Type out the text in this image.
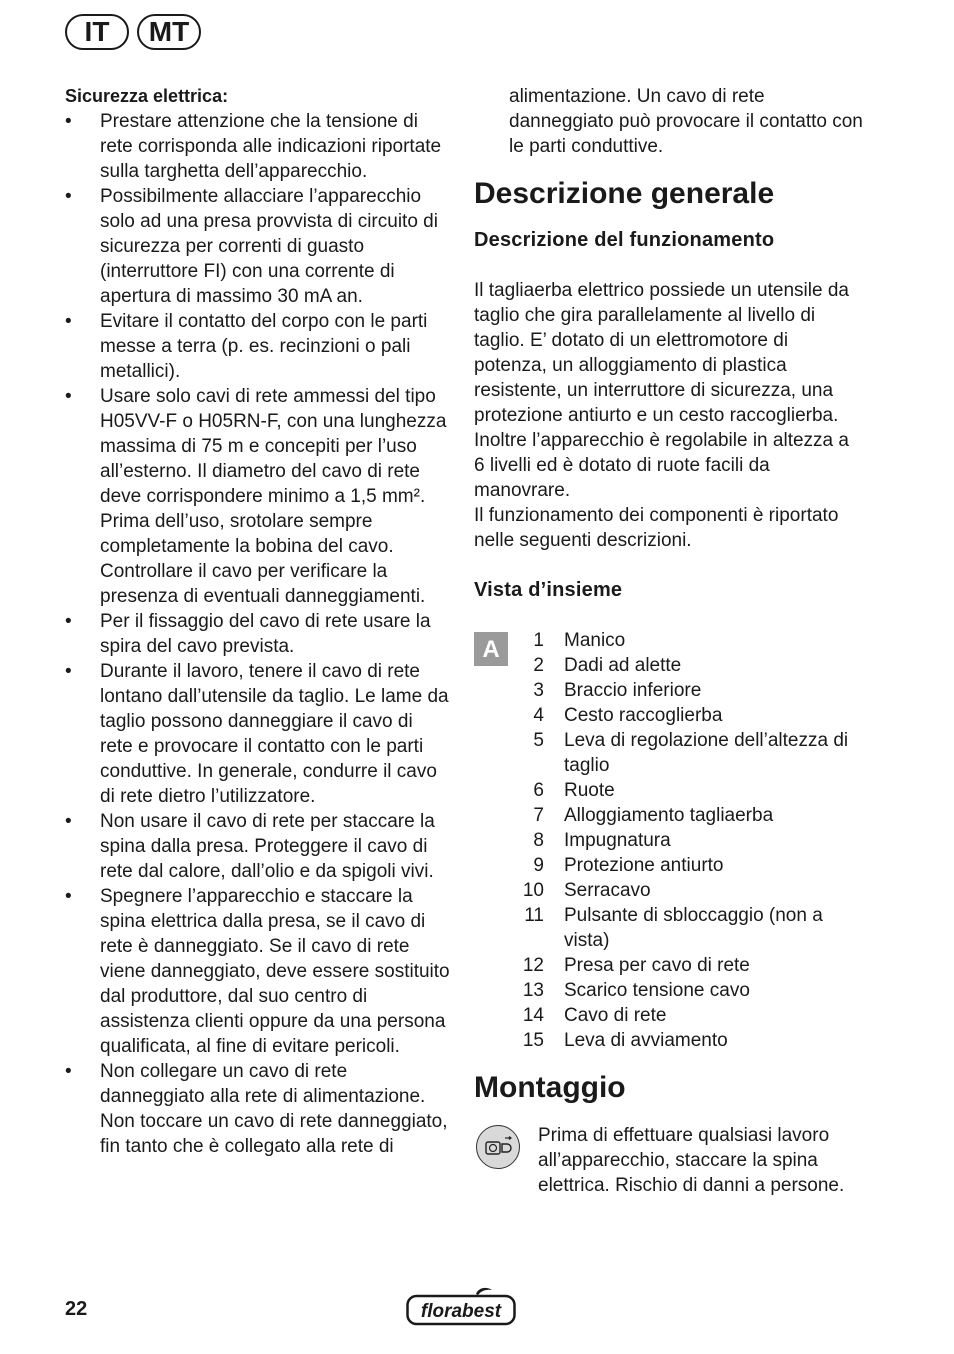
IT	MT

Sicurezza elettrica:

• Prestare attenzione che la tensione di rete corrisponda alle indicazioni riportate sulla targhetta dell’apparecchio.
• Possibilmente allacciare l’apparecchio solo ad una presa provvista di circuito di sicurezza per correnti di guasto (interruttore FI) con una corrente di apertura di massimo 30 mA an.
• Evitare il contatto del corpo con le parti messe a terra (p. es. recinzioni o pali metallici).
• Usare solo cavi di rete ammessi del tipo H05VV-F o H05RN-F, con una lunghezza massima di 75 m e concepiti per l’uso all’esterno. Il diametro del cavo di rete deve corrispondere minimo a 1,5 mm². Prima dell’uso, srotolare sempre completamente la bobina del cavo. Controllare il cavo per verificare la presenza di eventuali danneggiamenti.
• Per il fissaggio del cavo di rete usare la spira del cavo prevista.
• Durante il lavoro, tenere il cavo di rete lontano dall’utensile da taglio. Le lame da taglio possono danneggiare il cavo di rete e provocare il contatto con le parti conduttive. In generale, condurre il cavo di rete dietro l’utilizzatore.
• Non usare il cavo di rete per staccare la spina dalla presa. Proteggere il cavo di rete dal calore, dall’olio e da spigoli vivi.
• Spegnere l’apparecchio e staccare la spina elettrica dalla presa, se il cavo di rete è danneggiato. Se il cavo di rete viene danneggiato, deve essere sostituito dal produttore, dal suo centro di assistenza clienti oppure da una persona qualificata, al fine di evitare pericoli.
• Non collegare un cavo di rete danneggiato alla rete di alimentazione. Non toccare un cavo di rete danneggiato, fin tanto che è collegato alla rete di

alimentazione. Un cavo di rete danneggiato può provocare il contatto con le parti conduttive.

Descrizione generale
Descrizione del funzionamento

Il tagliaerba elettrico possiede un utensile da taglio che gira parallelamente al livello di taglio. E’ dotato di un elettromotore di potenza, un alloggiamento di plastica resistente, un interruttore di sicurezza, una protezione antiurto e un cesto raccoglierba. Inoltre l’apparecchio è regolabile in altezza a 6 livelli ed è dotato di ruote facili da manovrare.

Il funzionamento dei componenti è riportato nelle seguenti descrizioni.

Vista d’insieme
A	1	Manico
2	Dadi ad alette
3	Braccio inferiore
4	Cesto raccoglierba
5	Leva di regolazione dell’altezza di taglio
6	Ruote
7	Alloggiamento tagliaerba
8	Impugnatura
9	Protezione antiurto
10	Serracavo
11	Pulsante di sbloccaggio (non a vista)
12	Presa per cavo di rete
13	Scarico tensione cavo
14	Cavo di rete
15	Leva di avviamento
Montaggio

Prima di effettuare qualsiasi lavoro all’apparecchio, staccare la spina elettrica. Rischio di danni a persone.

22	florabest
